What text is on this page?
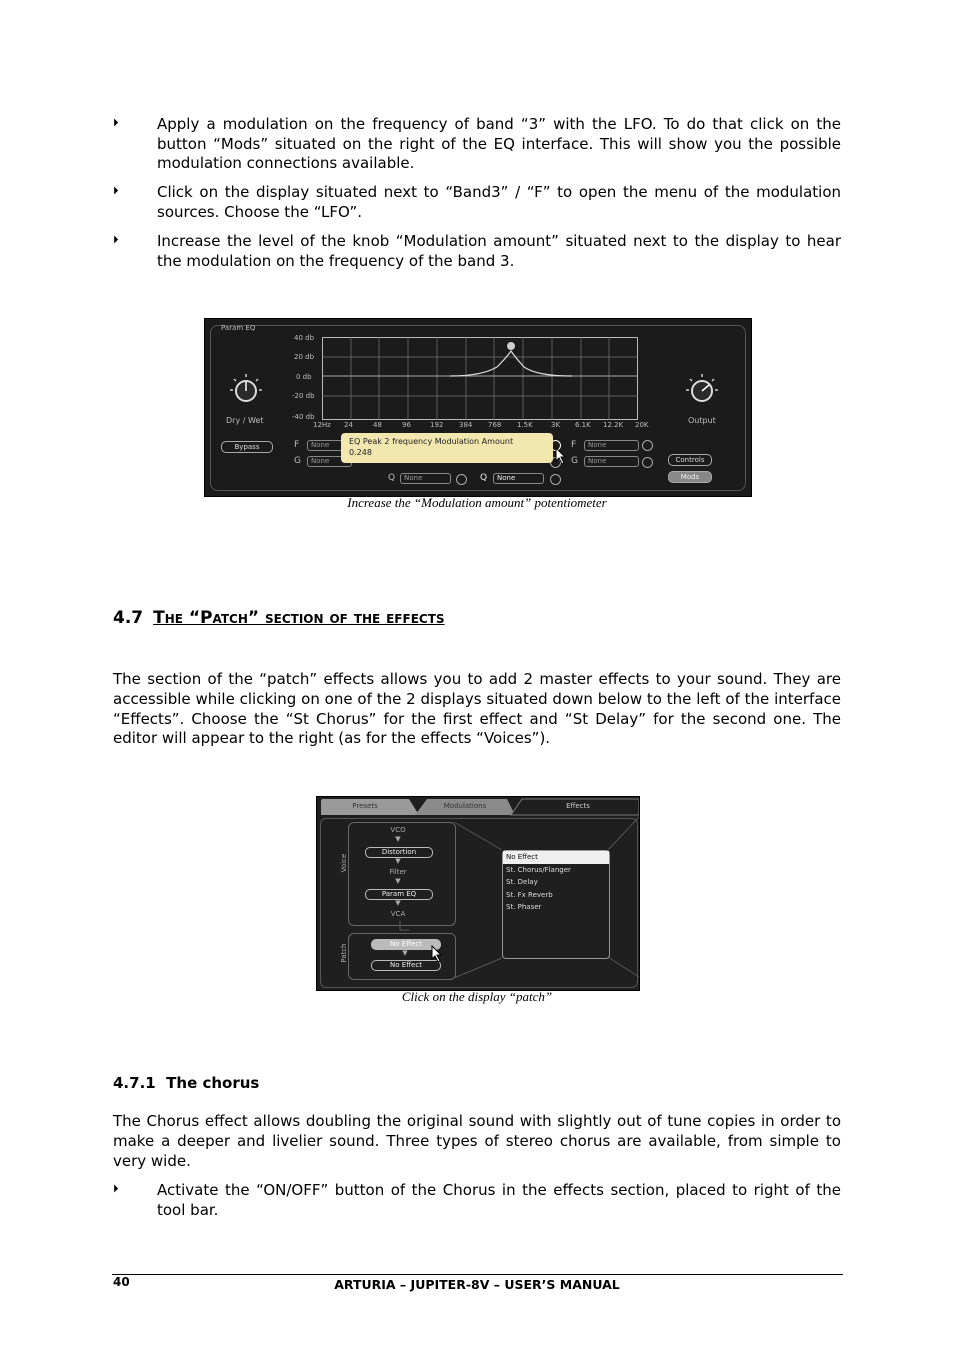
⏵	Apply a modulation on the frequency of band “3” with the LFO. To do that click on the button “Mods” situated on the right of the EQ interface. This will show you the possible modulation connections available.
⏵	Click on the display situated next to “Band3” / “F” to open the menu of the modulation sources. Choose the “LFO”.
⏵	Increase the level of the knob “Modulation amount” situated next to the display to hear the modulation on the frequency of the band 3.
Param EQ
40 db
20 db
0 db
-20 db
-40 db
12Hz 24	48	96	192 384 768 1.5K	3K 6.1K 12.2K 20K
Dry / Wet	Output
Bypass
Controls
Mods
F	None
G	None
Q	None	Q	None
F	None
G	None
EQ Peak 2 frequency Modulation Amount
0.248
Increase the “Modulation amount” potentiometer
4.7 The “Patch” section of the effects
The section of the “patch” effects allows you to add 2 master effects to your sound. They are accessible while clicking on one of the 2 displays situated down below to the left of the interface “Effects”. Choose the “St Chorus” for the first effect and “St Delay” for the second one. The editor will appear to the right (as for the effects “Voices”).
Presets	Modulations	Effects
Voice
Patch
VCO
▼
Distortion
▼
Filter
▼
Param EQ
▼
VCA
No Effect
▼
No Effect
No Effect
St. Chorus/Flanger
St. Delay
St. Fx Reverb
St. Phaser
Click on the display “patch”
4.7.1 The chorus
The Chorus effect allows doubling the original sound with slightly out of tune copies in order to make a deeper and livelier sound. Three types of stereo chorus are available, from simple to very wide.
⏵	Activate the “ON/OFF” button of the Chorus in the effects section, placed to right of the tool bar.
40	ARTURIA – JUPITER-8V – USER’S MANUAL
